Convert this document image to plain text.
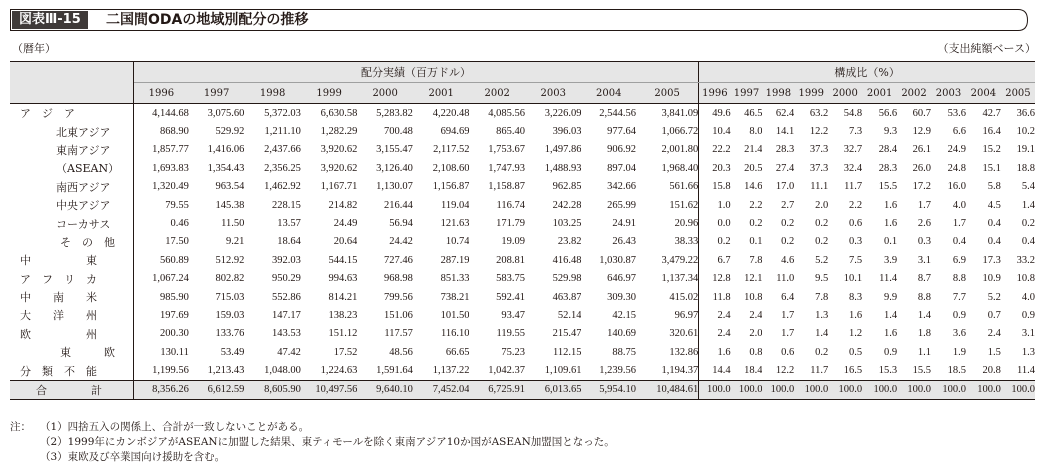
図表Ⅲ-15	二国間ODAの地域別配分の推移
（暦年）	（支出純額ベース）
	配分実績（百万ドル）										構成比（%）									
	1996	1997	1998	1999	2000	2001	2002	2003	2004	2005	1996	1997	1998	1999	2000	2001	2002	2003	2004	2005
ア　ジ　ア	4,144.68	3,075.60	5,372.03	6,630.58	5,283.82	4,220.48	4,085.56	3,226.09	2,544.56	3,841.09	49.6	46.5	62.4	63.2	54.8	56.6	60.7	53.6	42.7	36.6
北東アジア	868.90	529.92	1,211.10	1,282.29	700.48	694.69	865.40	396.03	977.64	1,066.72	10.4	8.0	14.1	12.2	7.3	9.3	12.9	6.6	16.4	10.2
東南アジア	1,857.77	1,416.06	2,437.66	3,920.62	3,155.47	2,117.52	1,753.67	1,497.86	906.92	2,001.80	22.2	21.4	28.3	37.3	32.7	28.4	26.1	24.9	15.2	19.1
（ASEAN）	1,693.83	1,354.43	2,356.25	3,920.62	3,126.40	2,108.60	1,747.93	1,488.93	897.04	1,968.40	20.3	20.5	27.4	37.3	32.4	28.3	26.0	24.8	15.1	18.8
南西アジア	1,320.49	963.54	1,462.92	1,167.71	1,130.07	1,156.87	1,158.87	962.85	342.66	561.66	15.8	14.6	17.0	11.1	11.7	15.5	17.2	16.0	5.8	5.4
中央アジア	79.55	145.38	228.15	214.82	216.44	119.04	116.74	242.28	265.99	151.62	1.0	2.2	2.7	2.0	2.2	1.6	1.7	4.0	4.5	1.4
コーカサス	0.46	11.50	13.57	24.49	56.94	121.63	171.79	103.25	24.91	20.96	0.0	0.2	0.2	0.2	0.6	1.6	2.6	1.7	0.4	0.2
そ　の　他	17.50	9.21	18.64	20.64	24.42	10.74	19.09	23.82	26.43	38.33	0.2	0.1	0.2	0.2	0.3	0.1	0.3	0.4	0.4	0.4
中　　　　　東	560.89	512.92	392.03	544.15	727.46	287.19	208.81	416.48	1,030.87	3,479.22	6.7	7.8	4.6	5.2	7.5	3.9	3.1	6.9	17.3	33.2
ア　フ　リ　カ	1,067.24	802.82	950.29	994.63	968.98	851.33	583.75	529.98	646.97	1,137.34	12.8	12.1	11.0	9.5	10.1	11.4	8.7	8.8	10.9	10.8
中　　南　　米	985.90	715.03	552.86	814.21	799.56	738.21	592.41	463.87	309.30	415.02	11.8	10.8	6.4	7.8	8.3	9.9	8.8	7.7	5.2	4.0
大　　洋　　州	197.69	159.03	147.17	138.23	151.06	101.50	93.47	52.14	42.15	96.97	2.4	2.4	1.7	1.3	1.6	1.4	1.4	0.9	0.7	0.9
欧　　　　　州	200.30	133.76	143.53	151.12	117.57	116.10	119.55	215.47	140.69	320.61	2.4	2.0	1.7	1.4	1.2	1.6	1.8	3.6	2.4	3.1
東　　　欧	130.11	53.49	47.42	17.52	48.56	66.65	75.23	112.15	88.75	132.86	1.6	0.8	0.6	0.2	0.5	0.9	1.1	1.9	1.5	1.3
分　類　不　能	1,199.56	1,213.43	1,048.00	1,224.63	1,591.64	1,137.22	1,042.37	1,109.61	1,239.56	1,194.37	14.4	18.4	12.2	11.7	16.5	15.3	15.5	18.5	20.8	11.4
合　　　　計	8,356.26	6,612.59	8,605.90	10,497.56	9,640.10	7,452.04	6,725.91	6,013.65	5,954.10	10,484.61	100.0	100.0	100.0	100.0	100.0	100.0	100.0	100.0	100.0	100.0
注： （1）四捨五入の関係上、合計が一致しないことがある。
（2）1999年にカンボジアがASEANに加盟した結果、東ティモールを除く東南アジア10か国がASEAN加盟国となった。
（3）東欧及び卒業国向け援助を含む。
